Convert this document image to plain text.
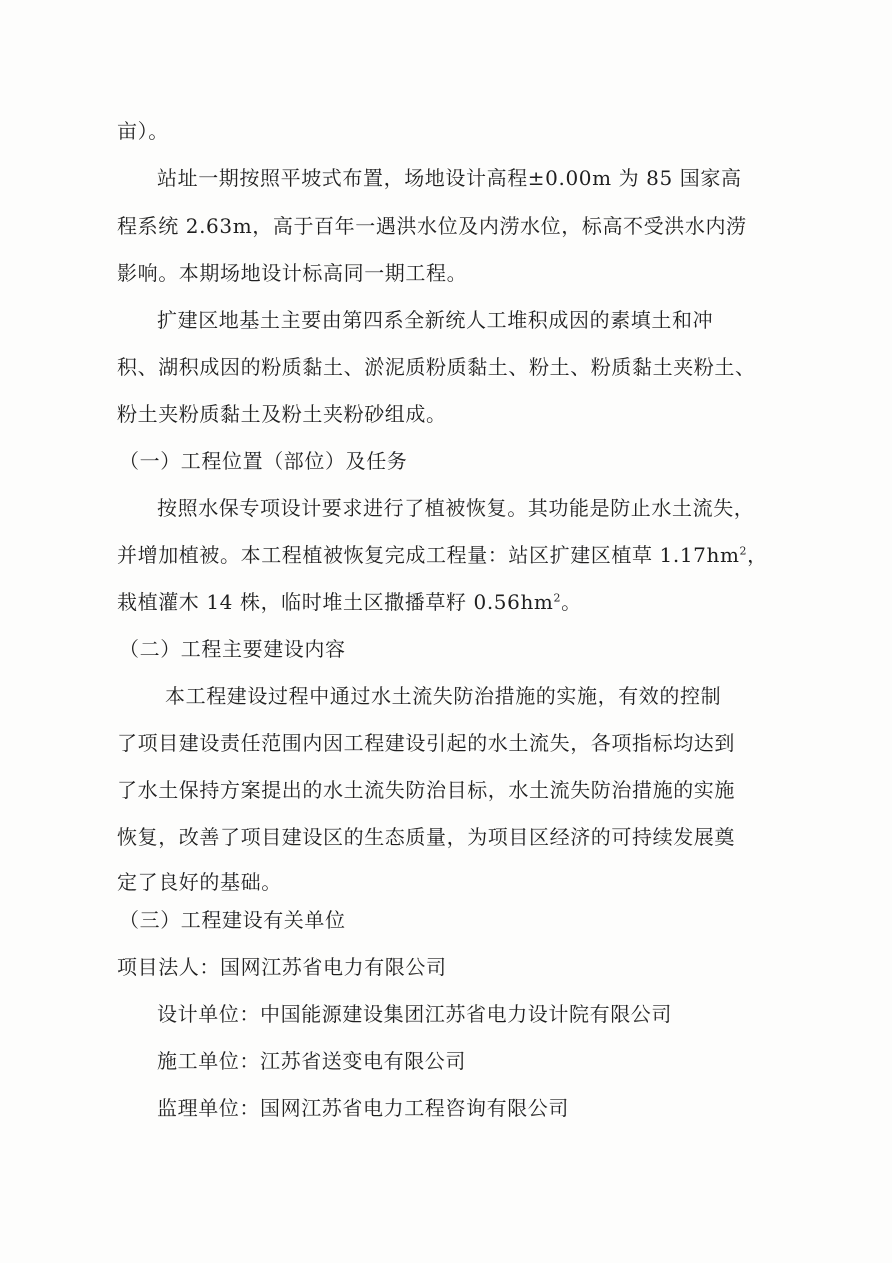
亩）。
站址一期按照平坡式布置，场地设计高程±0.00m 为 85 国家高
程系统 2.63m，高于百年一遇洪水位及内涝水位，标高不受洪水内涝
影响。本期场地设计标高同一期工程。
扩建区地基土主要由第四系全新统人工堆积成因的素填土和冲
积、湖积成因的粉质黏土、淤泥质粉质黏土、粉土、粉质黏土夹粉土、
粉土夹粉质黏土及粉土夹粉砂组成。
（一）工程位置（部位）及任务
按照水保专项设计要求进行了植被恢复。其功能是防止水土流失，
并增加植被。本工程植被恢复完成工程量：站区扩建区植草 $1.17hm^2$，
栽植灌木 14 株，临时堆土区撒播草籽 $0.56hm^2$。
（二）工程主要建设内容
本工程建设过程中通过水土流失防治措施的实施，有效的控制
了项目建设责任范围内因工程建设引起的水土流失，各项指标均达到
了水土保持方案提出的水土流失防治目标，水土流失防治措施的实施
恢复，改善了项目建设区的生态质量，为项目区经济的可持续发展奠
定了良好的基础。
（三）工程建设有关单位
项目法人：国网江苏省电力有限公司
设计单位：中国能源建设集团江苏省电力设计院有限公司
施工单位：江苏省送变电有限公司
监理单位：国网江苏省电力工程咨询有限公司
